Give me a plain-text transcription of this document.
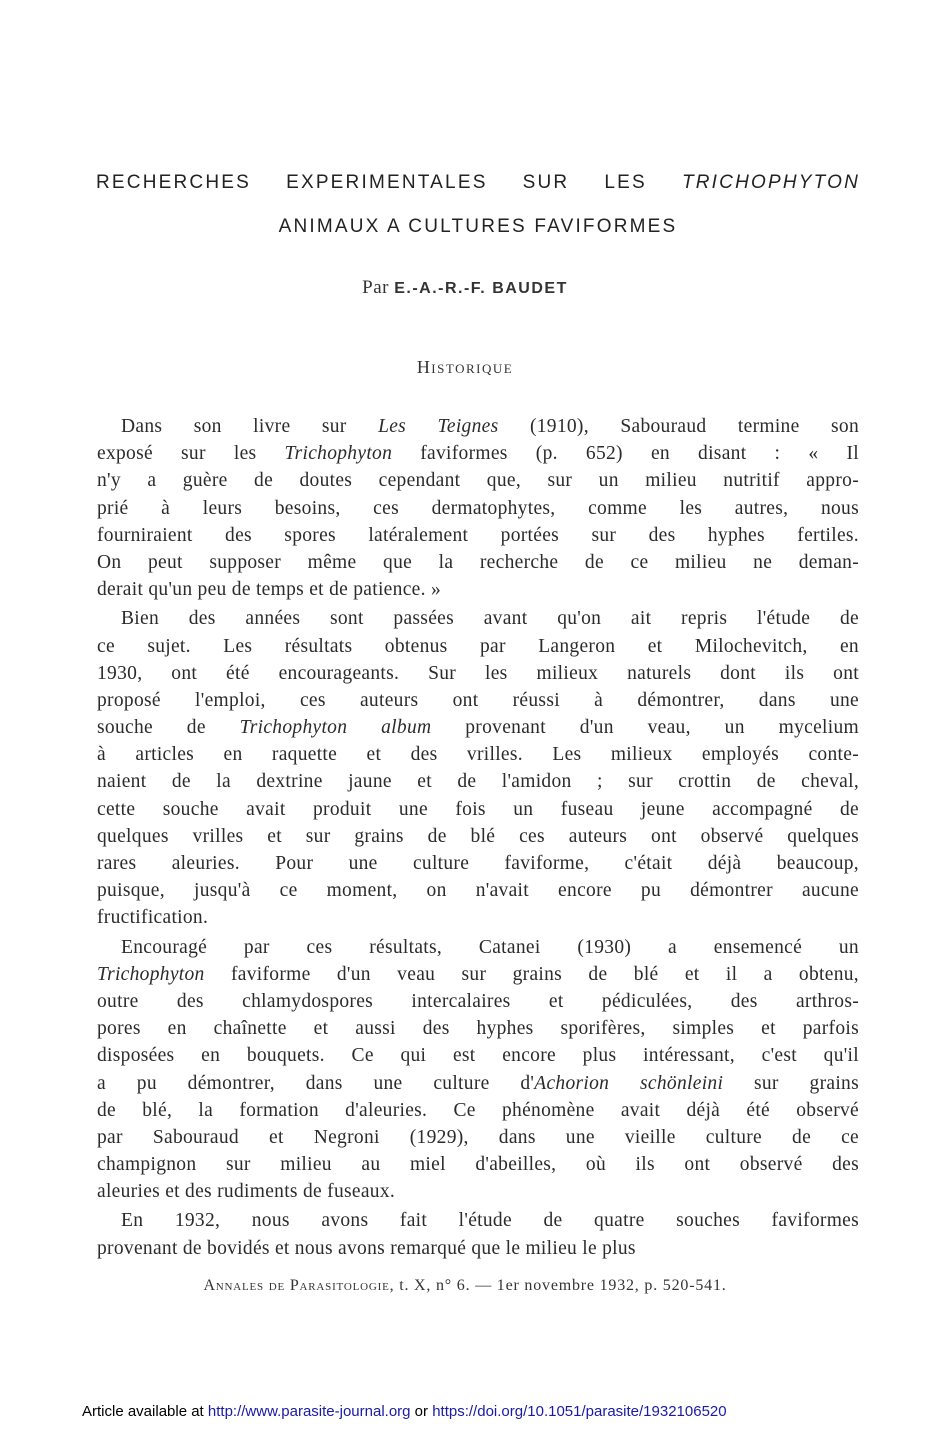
RECHERCHES EXPERIMENTALES SUR LES TRICHOPHYTON
ANIMAUX A CULTURES FAVIFORMES
Par E.-A.-R.-F. BAUDET
Historique
Dans son livre sur Les Teignes (1910), Sabouraud termine son
exposé sur les Trichophyton faviformes (p. 652) en disant : « Il
n'y a guère de doutes cependant que, sur un milieu nutritif appro-
prié à leurs besoins, ces dermatophytes, comme les autres, nous
fourniraient des spores latéralement portées sur des hyphes fertiles.
On peut supposer même que la recherche de ce milieu ne deman-
derait qu'un peu de temps et de patience. »
Bien des années sont passées avant qu'on ait repris l'étude de
ce sujet. Les résultats obtenus par Langeron et Milochevitch, en
1930, ont été encourageants. Sur les milieux naturels dont ils ont
proposé l'emploi, ces auteurs ont réussi à démontrer, dans une
souche de Trichophyton album provenant d'un veau, un mycelium
à articles en raquette et des vrilles. Les milieux employés conte-
naient de la dextrine jaune et de l'amidon ; sur crottin de cheval,
cette souche avait produit une fois un fuseau jeune accompagné de
quelques vrilles et sur grains de blé ces auteurs ont observé quelques
rares aleuries. Pour une culture faviforme, c'était déjà beaucoup,
puisque, jusqu'à ce moment, on n'avait encore pu démontrer aucune
fructification.
Encouragé par ces résultats, Catanei (1930) a ensemencé un
Trichophyton faviforme d'un veau sur grains de blé et il a obtenu,
outre des chlamydospores intercalaires et pédiculées, des arthros-
pores en chaînette et aussi des hyphes sporifères, simples et parfois
disposées en bouquets. Ce qui est encore plus intéressant, c'est qu'il
a pu démontrer, dans une culture d'Achorion schönleini sur grains
de blé, la formation d'aleuries. Ce phénomène avait déjà été observé
par Sabouraud et Negroni (1929), dans une vieille culture de ce
champignon sur milieu au miel d'abeilles, où ils ont observé des
aleuries et des rudiments de fuseaux.
En 1932, nous avons fait l'étude de quatre souches faviformes
provenant de bovidés et nous avons remarqué que le milieu le plus
Annales de Parasitologie, t. X, n° 6. — 1er novembre 1932, p. 520-541.
Article available at http://www.parasite-journal.org or https://doi.org/10.1051/parasite/1932106520
